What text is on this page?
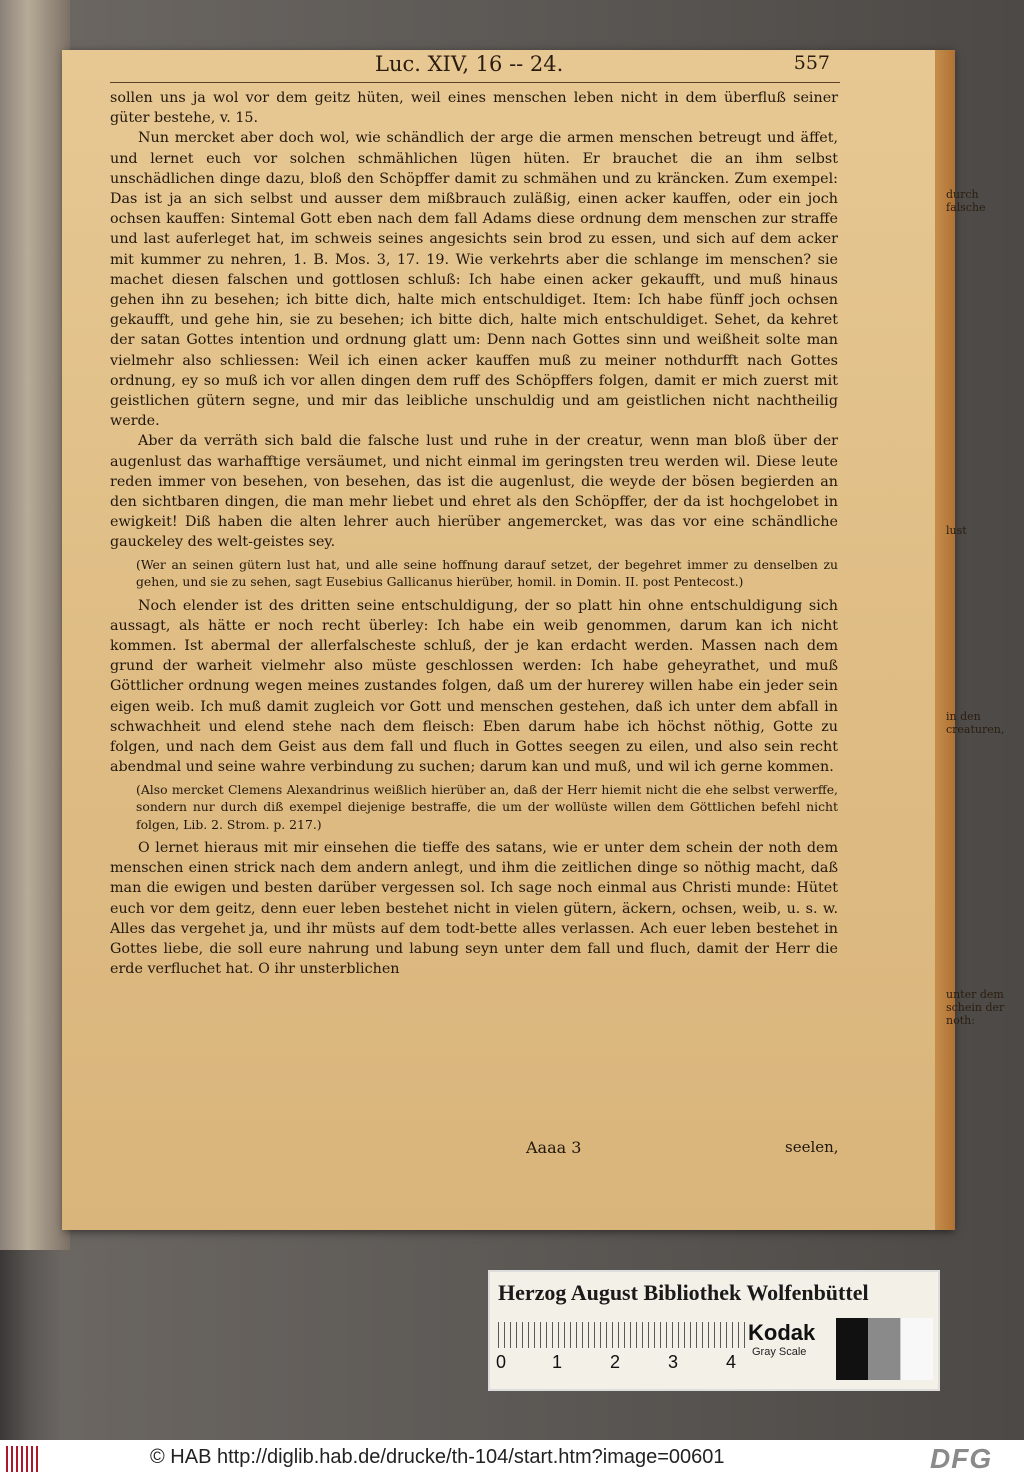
Luc. XIV, 16 -- 24.	557

sollen uns ja wol vor dem geitz hüten, weil eines menschen leben nicht in dem überfluß seiner güter bestehe, v. 15.

Nun mercket aber doch wol, wie schändlich der arge die armen menschen betreugt und äffet, und lernet euch vor solchen schmählichen lügen hüten. Er brauchet die an ihm selbst unschädlichen dinge dazu, bloß den Schöpffer damit zu schmähen und zu kräncken. Zum exempel: Das ist ja an sich selbst und ausser dem mißbrauch zuläßig, einen acker kauffen, oder ein joch ochsen kauffen: Sintemal Gott eben nach dem fall Adams diese ordnung dem menschen zur straffe und last auferleget hat, im schweis seines angesichts sein brod zu essen, und sich auf dem acker mit kummer zu nehren, 1. B. Mos. 3, 17. 19. Wie verkehrts aber die schlange im menschen? sie machet diesen falschen und gottlosen schluß: Ich habe einen acker gekaufft, und muß hinaus gehen ihn zu besehen; ich bitte dich, halte mich entschuldiget. Item: Ich habe fünff joch ochsen gekaufft, und gehe hin, sie zu besehen; ich bitte dich, halte mich entschuldiget. Sehet, da kehret der satan Gottes intention und ordnung glatt um: Denn nach Gottes sinn und weißheit solte man vielmehr also schliessen: Weil ich einen acker kauffen muß zu meiner nothdurfft nach Gottes ordnung, ey so muß ich vor allen dingen dem ruff des Schöpffers folgen, damit er mich zuerst mit geistlichen gütern segne, und mir das leibliche unschuldig und am geistlichen nicht nachtheilig werde.

Aber da verräth sich bald die falsche lust und ruhe in der creatur, wenn man bloß über der augenlust das warhafftige versäumet, und nicht einmal im geringsten treu werden wil. Diese leute reden immer von besehen, von besehen, das ist die augenlust, die weyde der bösen begierden an den sichtbaren dingen, die man mehr liebet und ehret als den Schöpffer, der da ist hochgelobet in ewigkeit! Diß haben die alten lehrer auch hierüber angemercket, was das vor eine schändliche gauckeley des welt-geistes sey.

(Wer an seinen gütern lust hat, und alle seine hoffnung darauf setzet, der begehret immer zu denselben zu gehen, und sie zu sehen, sagt Eusebius Gallicanus hierüber, homil. in Domin. II. post Pentecost.)

Noch elender ist des dritten seine entschuldigung, der so platt hin ohne entschuldigung sich aussagt, als hätte er noch recht überley: Ich habe ein weib genommen, darum kan ich nicht kommen. Ist abermal der allerfalscheste schluß, der je kan erdacht werden. Massen nach dem grund der warheit vielmehr also müste geschlossen werden: Ich habe geheyrathet, und muß Göttlicher ordnung wegen meines zustandes folgen, daß um der hurerey willen habe ein jeder sein eigen weib. Ich muß damit zugleich vor Gott und menschen gestehen, daß ich unter dem abfall in schwachheit und elend stehe nach dem fleisch: Eben darum habe ich höchst nöthig, Gotte zu folgen, und nach dem Geist aus dem fall und fluch in Gottes seegen zu eilen, und also sein recht abendmal und seine wahre verbindung zu suchen; darum kan und muß, und wil ich gerne kommen.

(Also mercket Clemens Alexandrinus weißlich hierüber an, daß der Herr hiemit nicht die ehe selbst verwerffe, sondern nur durch diß exempel diejenige bestraffe, die um der wollüste willen dem Göttlichen befehl nicht folgen, Lib. 2. Strom. p. 217.)

O lernet hieraus mit mir einsehen die tieffe des satans, wie er unter dem schein der noth dem menschen einen strick nach dem andern anlegt, und ihm die zeitlichen dinge so nöthig macht, daß man die ewigen und besten darüber vergessen sol. Ich sage noch einmal aus Christi munde: Hütet euch vor dem geitz, denn euer leben bestehet nicht in vielen gütern, äckern, ochsen, weib, u. s. w. Alles das vergehet ja, und ihr müsts auf dem todt-bette alles verlassen. Ach euer leben bestehet in Gottes liebe, die soll eure nahrung und labung seyn unter dem fall und fluch, damit der Herr die erde verfluchet hat. O ihr unsterblichen

durch falsche
lust
in den creaturen,
unter dem schein der noth:
Aaaa 3	seelen,
Herzog August Bibliothek Wolfenbüttel
0	1	2	3	4
Kodak
Gray Scale
© HAB http://diglib.hab.de/drucke/th-104/start.htm?image=00601	DFG
